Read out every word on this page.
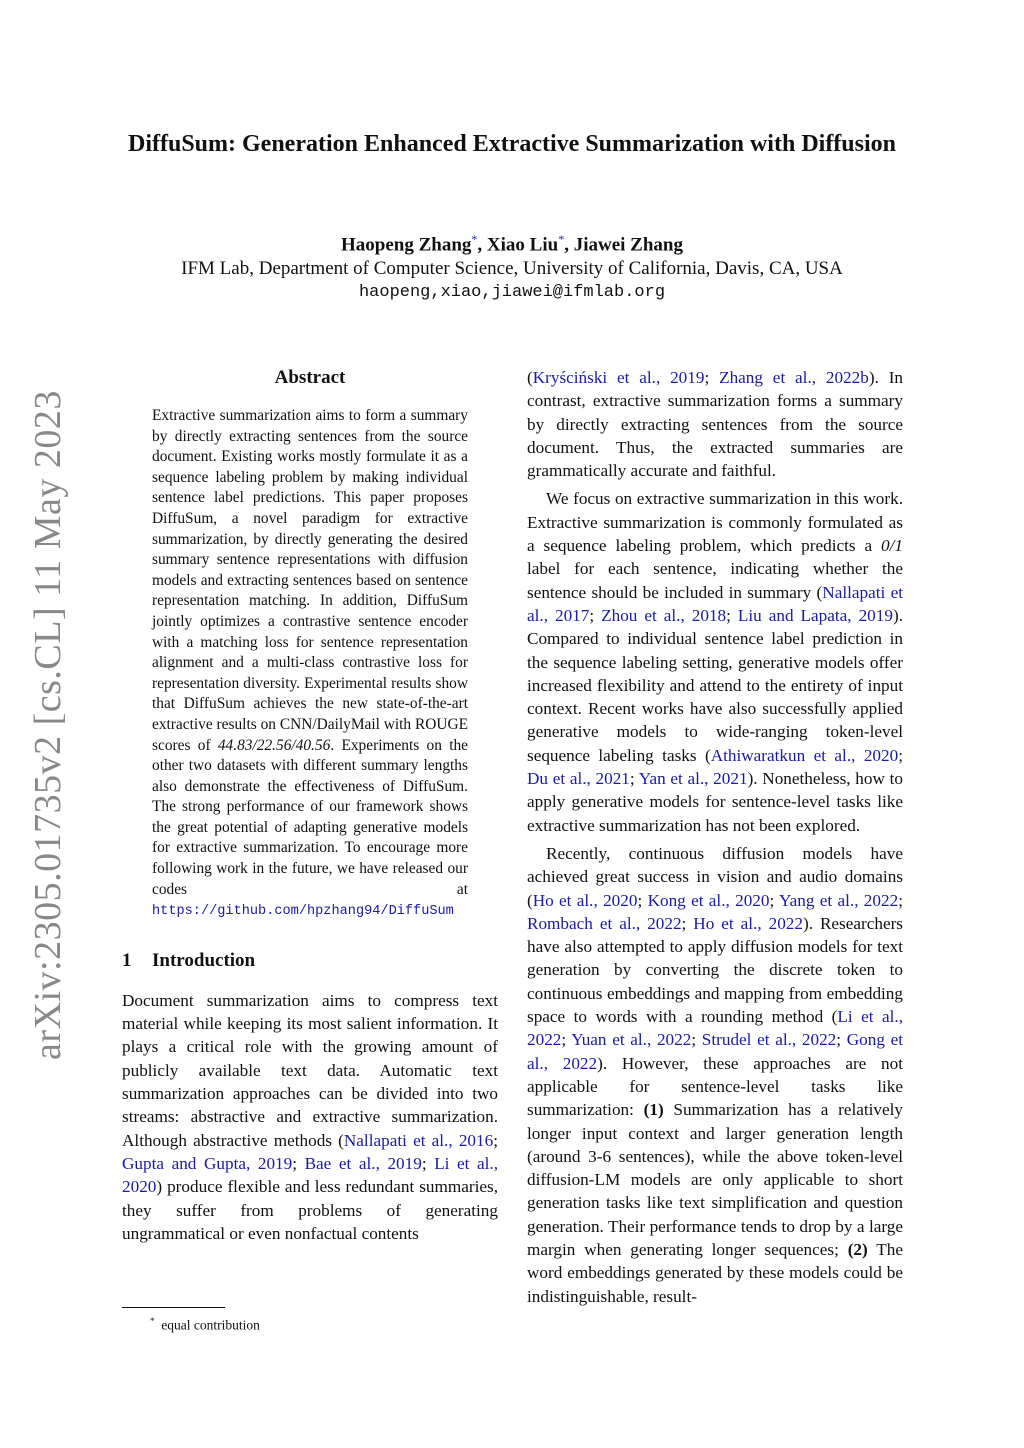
arXiv:2305.01735v2 [cs.CL] 11 May 2023
DiffuSum: Generation Enhanced Extractive Summarization with Diffusion
Haopeng Zhang*, Xiao Liu*, Jiawei Zhang
IFM Lab, Department of Computer Science, University of California, Davis, CA, USA
haopeng,xiao,jiawei@ifmlab.org
Abstract
Extractive summarization aims to form a summary by directly extracting sentences from the source document. Existing works mostly formulate it as a sequence labeling problem by making individual sentence label predictions. This paper proposes DiffuSum, a novel paradigm for extractive summarization, by directly generating the desired summary sentence representations with diffusion models and extracting sentences based on sentence representation matching. In addition, DiffuSum jointly optimizes a contrastive sentence encoder with a matching loss for sentence representation alignment and a multi-class contrastive loss for representation diversity. Experimental results show that DiffuSum achieves the new state-of-the-art extractive results on CNN/DailyMail with ROUGE scores of 44.83/22.56/40.56. Experiments on the other two datasets with different summary lengths also demonstrate the effectiveness of DiffuSum. The strong performance of our framework shows the great potential of adapting generative models for extractive summarization. To encourage more following work in the future, we have released our codes at https://github.com/hpzhang94/DiffuSum
1 Introduction

Document summarization aims to compress text material while keeping its most salient information. It plays a critical role with the growing amount of publicly available text data. Automatic text summarization approaches can be divided into two streams: abstractive and extractive summarization. Although abstractive methods (Nallapati et al., 2016; Gupta and Gupta, 2019; Bae et al., 2019; Li et al., 2020) produce flexible and less redundant summaries, they suffer from problems of generating ungrammatical or even nonfactual contents

(Kryściński et al., 2019; Zhang et al., 2022b). In contrast, extractive summarization forms a summary by directly extracting sentences from the source document. Thus, the extracted summaries are grammatically accurate and faithful.

We focus on extractive summarization in this work. Extractive summarization is commonly formulated as a sequence labeling problem, which predicts a 0/1 label for each sentence, indicating whether the sentence should be included in summary (Nallapati et al., 2017; Zhou et al., 2018; Liu and Lapata, 2019). Compared to individual sentence label prediction in the sequence labeling setting, generative models offer increased flexibility and attend to the entirety of input context. Recent works have also successfully applied generative models to wide-ranging token-level sequence labeling tasks (Athiwaratkun et al., 2020; Du et al., 2021; Yan et al., 2021). Nonetheless, how to apply generative models for sentence-level tasks like extractive summarization has not been explored.

Recently, continuous diffusion models have achieved great success in vision and audio domains (Ho et al., 2020; Kong et al., 2020; Yang et al., 2022; Rombach et al., 2022; Ho et al., 2022). Researchers have also attempted to apply diffusion models for text generation by converting the discrete token to continuous embeddings and mapping from embedding space to words with a rounding method (Li et al., 2022; Yuan et al., 2022; Strudel et al., 2022; Gong et al., 2022). However, these approaches are not applicable for sentence-level tasks like summarization: (1) Summarization has a relatively longer input context and larger generation length (around 3-6 sentences), while the above token-level diffusion-LM models are only applicable to short generation tasks like text simplification and question generation. Their performance tends to drop by a large margin when generating longer sequences; (2) The word embeddings generated by these models could be indistinguishable, result-

* equal contribution
